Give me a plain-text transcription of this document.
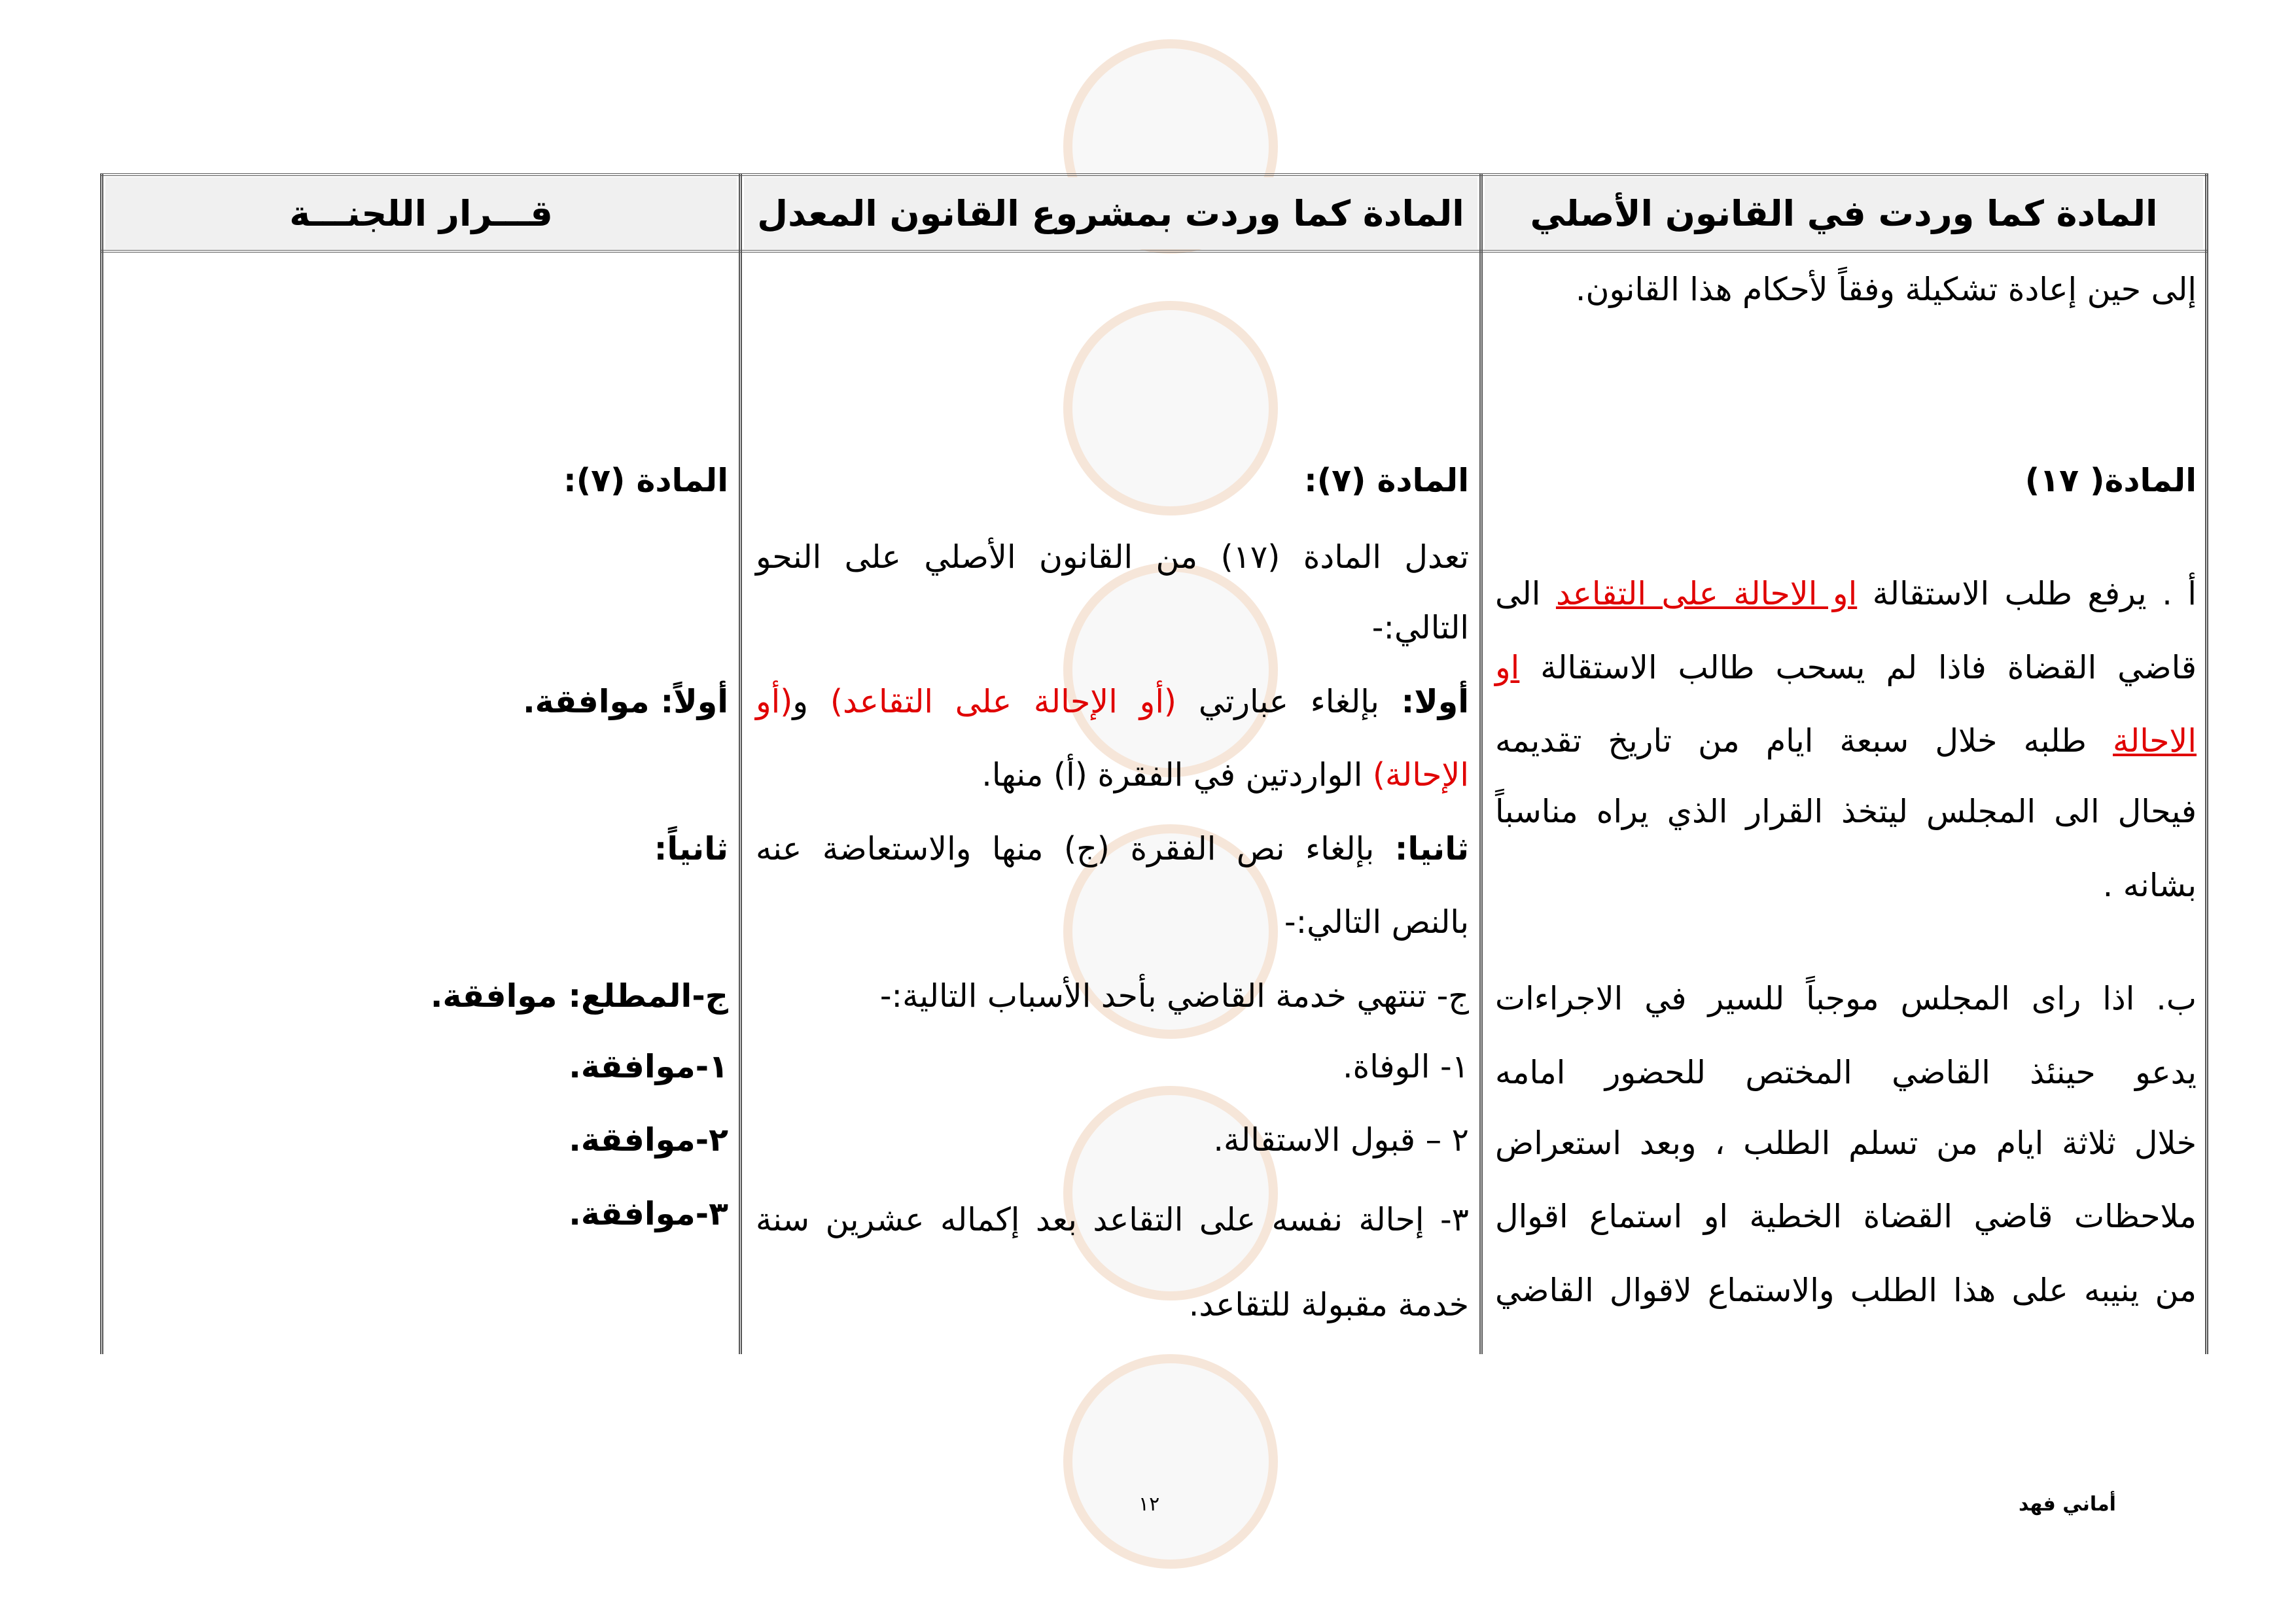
المادة كما وردت في القانون الأصلي
المادة كما وردت بمشروع القانون المعدل
قـــرار اللجنـــة
إلى حين إعادة تشكيلة وفقاً لأحكام هذا القانون.
المادة( ١٧)
أ . يرفع طلب الاستقالة او الاحالة على التقاعد الى
قاضي القضاة فاذا لم يسحب طالب الاستقالة او
الاحالة طلبه خلال سبعة ايام من تاريخ تقديمه
فيحال الى المجلس ليتخذ القرار الذي يراه مناسباً
بشانه .
ب. اذا راى المجلس موجباً للسير في الاجراءات
يدعو حينئذ القاضي المختص للحضور امامه
خلال ثلاثة ايام من تسلم الطلب ، وبعد استعراض
ملاحظات قاضي القضاة الخطية او استماع اقوال
من ينيبه على هذا الطلب والاستماع لاقوال القاضي
المادة (٧):
تعدل المادة (١٧) من القانون الأصلي على النحو
التالي:-
أولا: بإلغاء عبارتي (أو الإحالة على التقاعد) و(أو
الإحالة) الواردتين في الفقرة (أ) منها.
ثانيا: بإلغاء نص الفقرة (ج) منها والاستعاضة عنه
بالنص التالي:-
ج- تنتهي خدمة القاضي بأحد الأسباب التالية:-
١- الوفاة.
٢ – قبول الاستقالة.
٣- إحالة نفسه على التقاعد بعد إكماله عشرين سنة
خدمة مقبولة للتقاعد.
المادة (٧):
أولاً: موافقة.
ثانياً:
ج-المطلع: موافقة.
١-موافقة.
٢-موافقة.
٣-موافقة.
١٢	أماني فهد
